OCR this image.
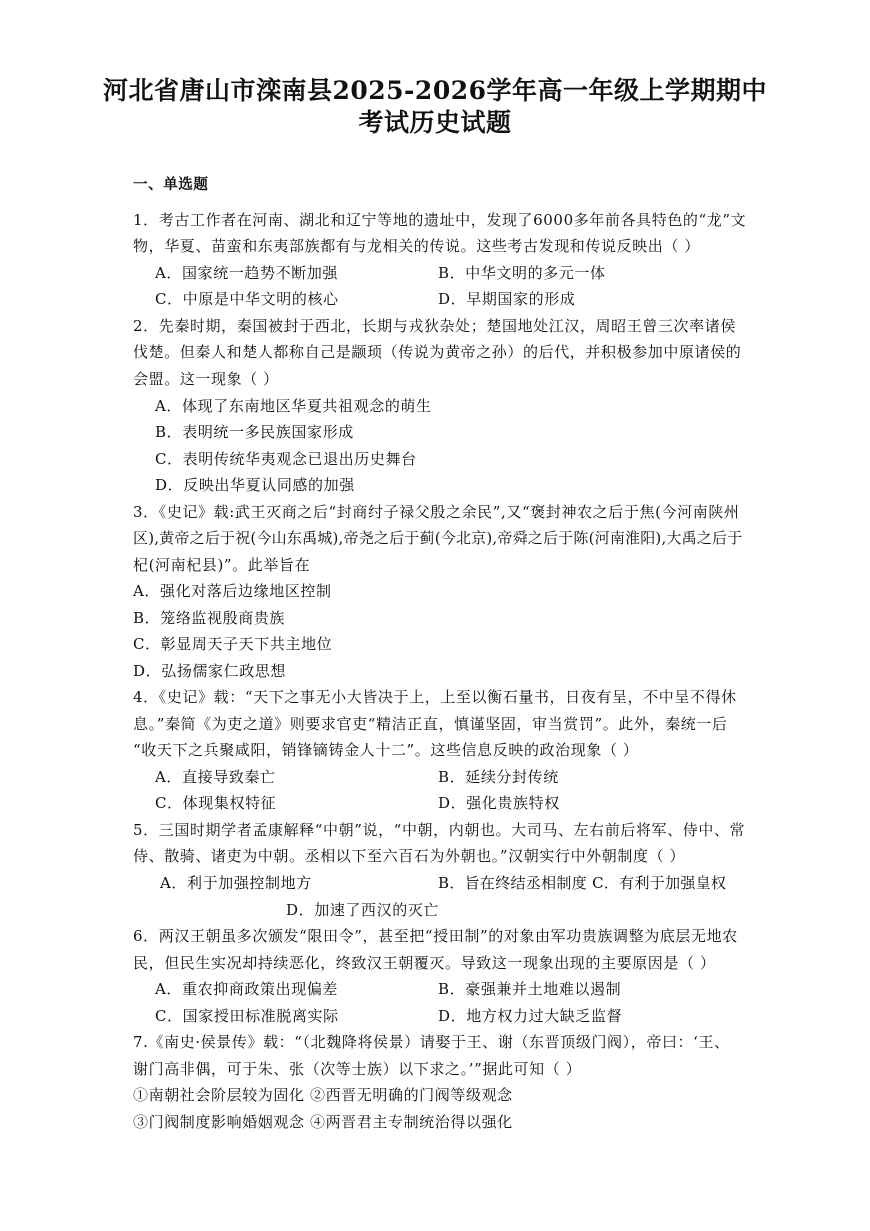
河北省唐山市滦南县2025-2026学年高一年级上学期期中
考试历史试题
一、单选题
1．考古工作者在河南、湖北和辽宁等地的遗址中，发现了6000多年前各具特色的“龙”文
物，华夏、苗蛮和东夷部族都有与龙相关的传说。这些考古发现和传说反映出（ ）
A．国家统一趋势不断加强	B．中华文明的多元一体
C．中原是中华文明的核心	D．早期国家的形成
2．先秦时期，秦国被封于西北，长期与戎狄杂处；楚国地处江汉，周昭王曾三次率诸侯
伐楚。但秦人和楚人都称自己是颛顼（传说为黄帝之孙）的后代，并积极参加中原诸侯的
会盟。这一现象（ ）
A．体现了东南地区华夏共祖观念的萌生
B．表明统一多民族国家形成
C．表明传统华夷观念已退出历史舞台
D．反映出华夏认同感的加强
3．《史记》载:武王灭商之后“封商纣子禄父殷之余民”,又“褒封神农之后于焦(今河南陕州
区),黄帝之后于祝(今山东禹城),帝尧之后于蓟(今北京),帝舜之后于陈(河南淮阳),大禹之后于
杞(河南杞县)”。此举旨在
A．强化对落后边缘地区控制
B．笼络监视殷商贵族
C．彰显周天子天下共主地位
D．弘扬儒家仁政思想
4．《史记》载：“天下之事无小大皆决于上，上至以衡石量书，日夜有呈，不中呈不得休
息。”秦简《为吏之道》则要求官吏“精洁正直，慎谨坚固，审当赏罚”。此外，秦统一后
“收天下之兵聚咸阳，销锋镝铸金人十二”。这些信息反映的政治现象（ ）
A．直接导致秦亡	B．延续分封传统
C．体现集权特征	D．强化贵族特权
5．三国时期学者孟康解释“中朝”说，“中朝，内朝也。大司马、左右前后将军、侍中、常
侍、散骑、诸吏为中朝。丞相以下至六百石为外朝也。”汉朝实行中外朝制度（ ）
A．利于加强控制地方	B．旨在终结丞相制度 C．有利于加强皇权
D．加速了西汉的灭亡
6．两汉王朝虽多次颁发“限田令”，甚至把“授田制”的对象由军功贵族调整为底层无地农
民，但民生实况却持续恶化，终致汉王朝覆灭。导致这一现象出现的主要原因是（ ）
A．重农抑商政策出现偏差	B．豪强兼并土地难以遏制
C．国家授田标准脱离实际	D．地方权力过大缺乏监督
7.《南史·侯景传》载：“（北魏降将侯景）请娶于王、谢（东晋顶级门阀），帝曰：‘王、
谢门高非偶，可于朱、张（次等士族）以下求之。’”据此可知（ ）
①南朝社会阶层较为固化 ②西晋无明确的门阀等级观念
③门阀制度影响婚姻观念 ④两晋君主专制统治得以强化
